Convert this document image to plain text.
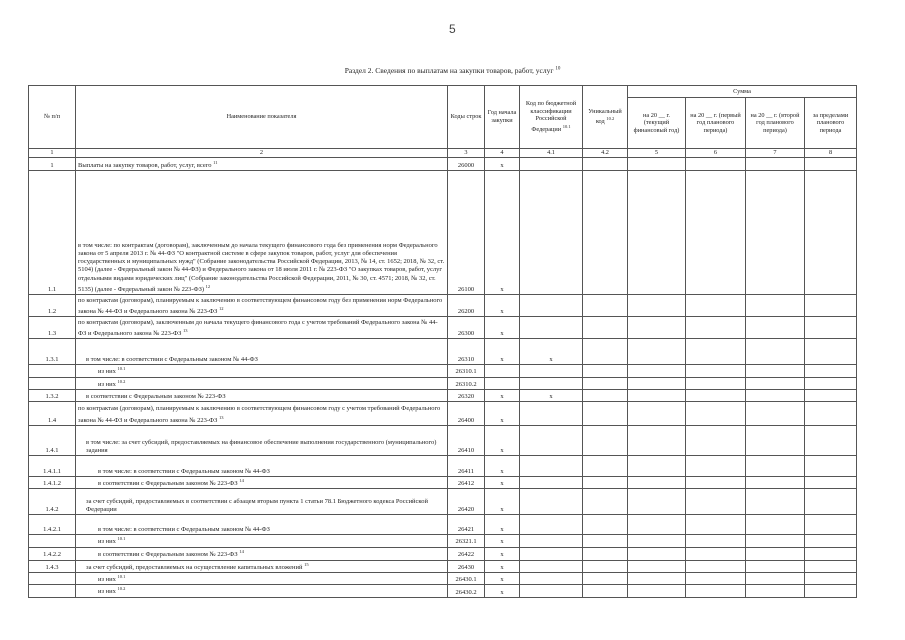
5
Раздел 2. Сведения по выплатам на закупки товаров, работ, услуг $^{10}$
№ п/п	Наименование показателя	Коды строк	Год начала закупки	Код по бюджетной классификации Российской Федерации $^{10.1}$	Уникальный код $^{10.2}$	Сумма			
						на 20 __ г. (текущий финансовый год)	на 20 __ г. (первый год планового периода)	на 20 __ г. (второй год планового периода)	за пределами планового периода
1	2	3	4	4.1	4.2	5	6	7	8
1	Выплаты на закупку товаров, работ, услуг, всего $^{11}$	26000	x						
1.1	в том числе: по контрактам (договорам), заключенным до начала текущего финансового года без применения норм Федерального закона от 5 апреля 2013 г. № 44-ФЗ "О контрактной системе в сфере закупок товаров, работ, услуг для обеспечения государственных и муниципальных нужд" (Собрание законодательства Российской Федерации, 2013, № 14, ст. 1652; 2018, № 32, ст. 5104) (далее - Федеральный закон № 44-ФЗ) и Федерального закона от 18 июля 2011 г. № 223-ФЗ "О закупках товаров, работ, услуг отдельными видами юридических лиц" (Собрание законодательства Российской Федерации, 2011, № 30, ст. 4571; 2018, № 32, ст. 5135) (далее - Федеральный закон № 223-ФЗ) $^{12}$	26100	x						
1.2	по контрактам (договорам), планируемым к заключению в соответствующем финансовом году без применения норм Федерального закона № 44-ФЗ и Федерального закона № 223-ФЗ $^{12}$	26200	x						
1.3	по контрактам (договорам), заключенным до начала текущего финансового года с учетом требований Федерального закона № 44-ФЗ и Федерального закона № 223-ФЗ $^{13}$	26300	x						
1.3.1	в том числе: в соответствии с Федеральным законом № 44-ФЗ	26310	x	x					
	из них $^{10.1}$	26310.1							
	из них $^{10.2}$	26310.2							
1.3.2	в соответствии с Федеральным законом № 223-ФЗ	26320	x	x					
1.4	по контрактам (договорам), планируемым к заключению в соответствующем финансовом году с учетом требований Федерального закона № 44-ФЗ и Федерального закона № 223-ФЗ $^{13}$	26400	x						
1.4.1	в том числе: за счет субсидий, предоставляемых на финансовое обеспечение выполнения государственного (муниципального) задания	26410	x						
1.4.1.1	в том числе: в соответствии с Федеральным законом № 44-ФЗ	26411	x						
1.4.1.2	в соответствии с Федеральным законом № 223-ФЗ $^{14}$	26412	x						
1.4.2	за счет субсидий, предоставляемых в соответствии с абзацем вторым пункта 1 статьи 78.1 Бюджетного кодекса Российской Федерации	26420	x						
1.4.2.1	в том числе: в соответствии с Федеральным законом № 44-ФЗ	26421	x						
	из них $^{10.1}$	26321.1	x						
1.4.2.2	в соответствии с Федеральным законом № 223-ФЗ $^{14}$	26422	x						
1.4.3	за счет субсидий, предоставляемых на осуществление капитальных вложений $^{15}$	26430	x						
	из них $^{10.1}$	26430.1	x						
	из них $^{10.2}$	26430.2	x						
